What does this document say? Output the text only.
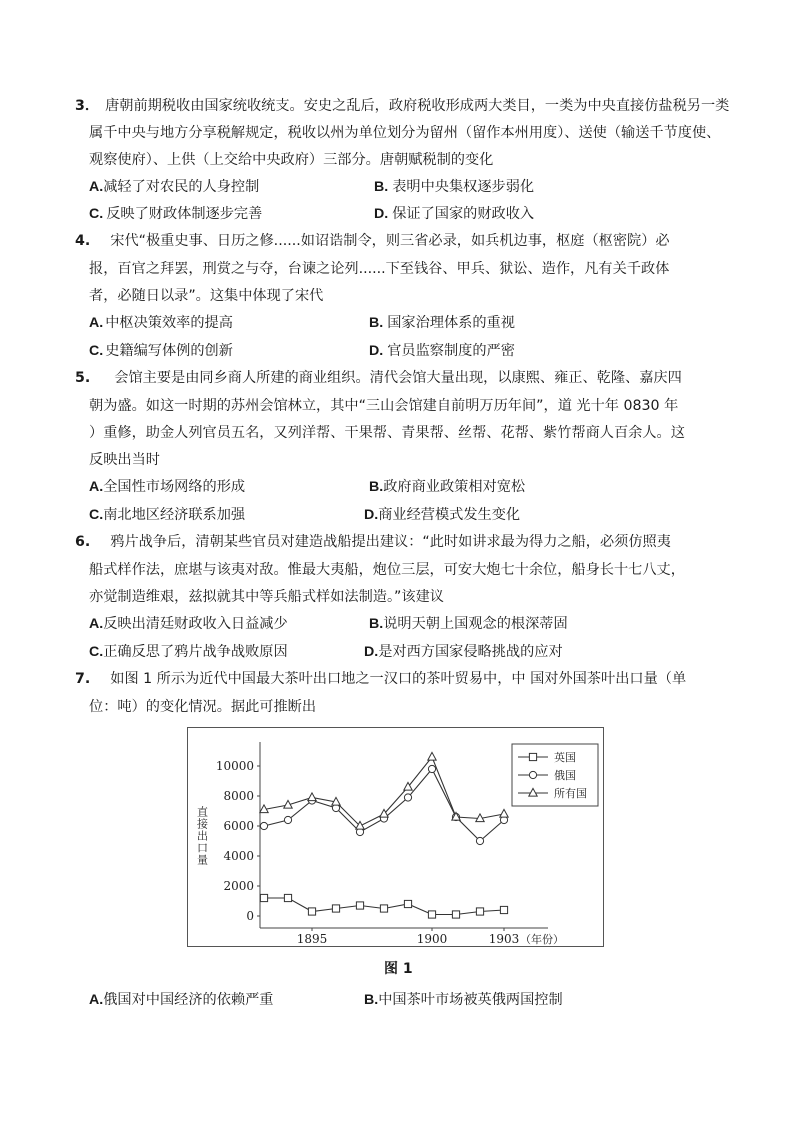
3． 唐朝前期税收由国家统收统支。安史之乱后，政府税收形成两大类目，一类为中央直接仿盐税另一类
属千中央与地方分享税解规定，税收以州为单位划分为留州（留作本州用度）、送使（输送千节度使、
观察使府）、上供（上交给中央政府）三部分。唐朝赋税制的变化
A.减轻了对农民的人身控制	B. 表明中央集权逐步弱化
C. 反映了财政体制逐步完善	D. 保证了国家的财政收入
4. 宋代“极重史事、日历之修......如诏诰制令，则三省必录，如兵机边事，枢庭（枢密院）必
报，百官之拜罢，刑赏之与夺，台谏之论列......下至钱谷、甲兵、狱讼、造作，凡有关千政体
者，必随日以录”。这集中体现了宋代
A. 中枢决策效率的提高	B. 国家治理体系的重视
C. 史籍编写体例的创新	D. 官员监察制度的严密
5. 会馆主要是由同乡商人所建的商业组织。清代会馆大量出现，以康熙、雍正、乾隆、嘉庆四
朝为盛。如这一时期的苏州会馆林立，其中“三山会馆建自前明万历年间”，道 光十年 0830 年
）重修，助金人列官员五名，又列洋帮、干果帮、青果帮、丝帮、花帮、紫竹帮商人百余人。这
反映出当时
A.全国性市场网络的形成	B.政府商业政策相对宽松
C.南北地区经济联系加强	D.商业经营模式发生变化
6. 鸦片战争后，清朝某些官员对建造战船提出建议：“此时如讲求最为得力之船，必须仿照夷
船式样作法，庶堪与该夷对敌。惟最大夷船，炮位三层，可安大炮七十余位，船身长十七八丈，
亦觉制造维艰，兹拟就其中等兵船式样如法制造。”该建议
A.反映出清廷财政收入日益减少	B.说明天朝上国观念的根深蒂固
C.正确反思了鸦片战争战败原因	D.是对西方国家侵略挑战的应对
7. 如图 1 所示为近代中国最大茶叶出口地之一汉口的茶叶贸易中，中 国对外国茶叶出口量（单
位：吨）的变化情况。据此可推断出
10000
8000
6000
4000
2000
0
1895	1900	1903 （年份）
直接出口量
英国
俄国
所有国
图 1
A.俄国对中国经济的依赖严重	B.中国茶叶市场被英俄两国控制
